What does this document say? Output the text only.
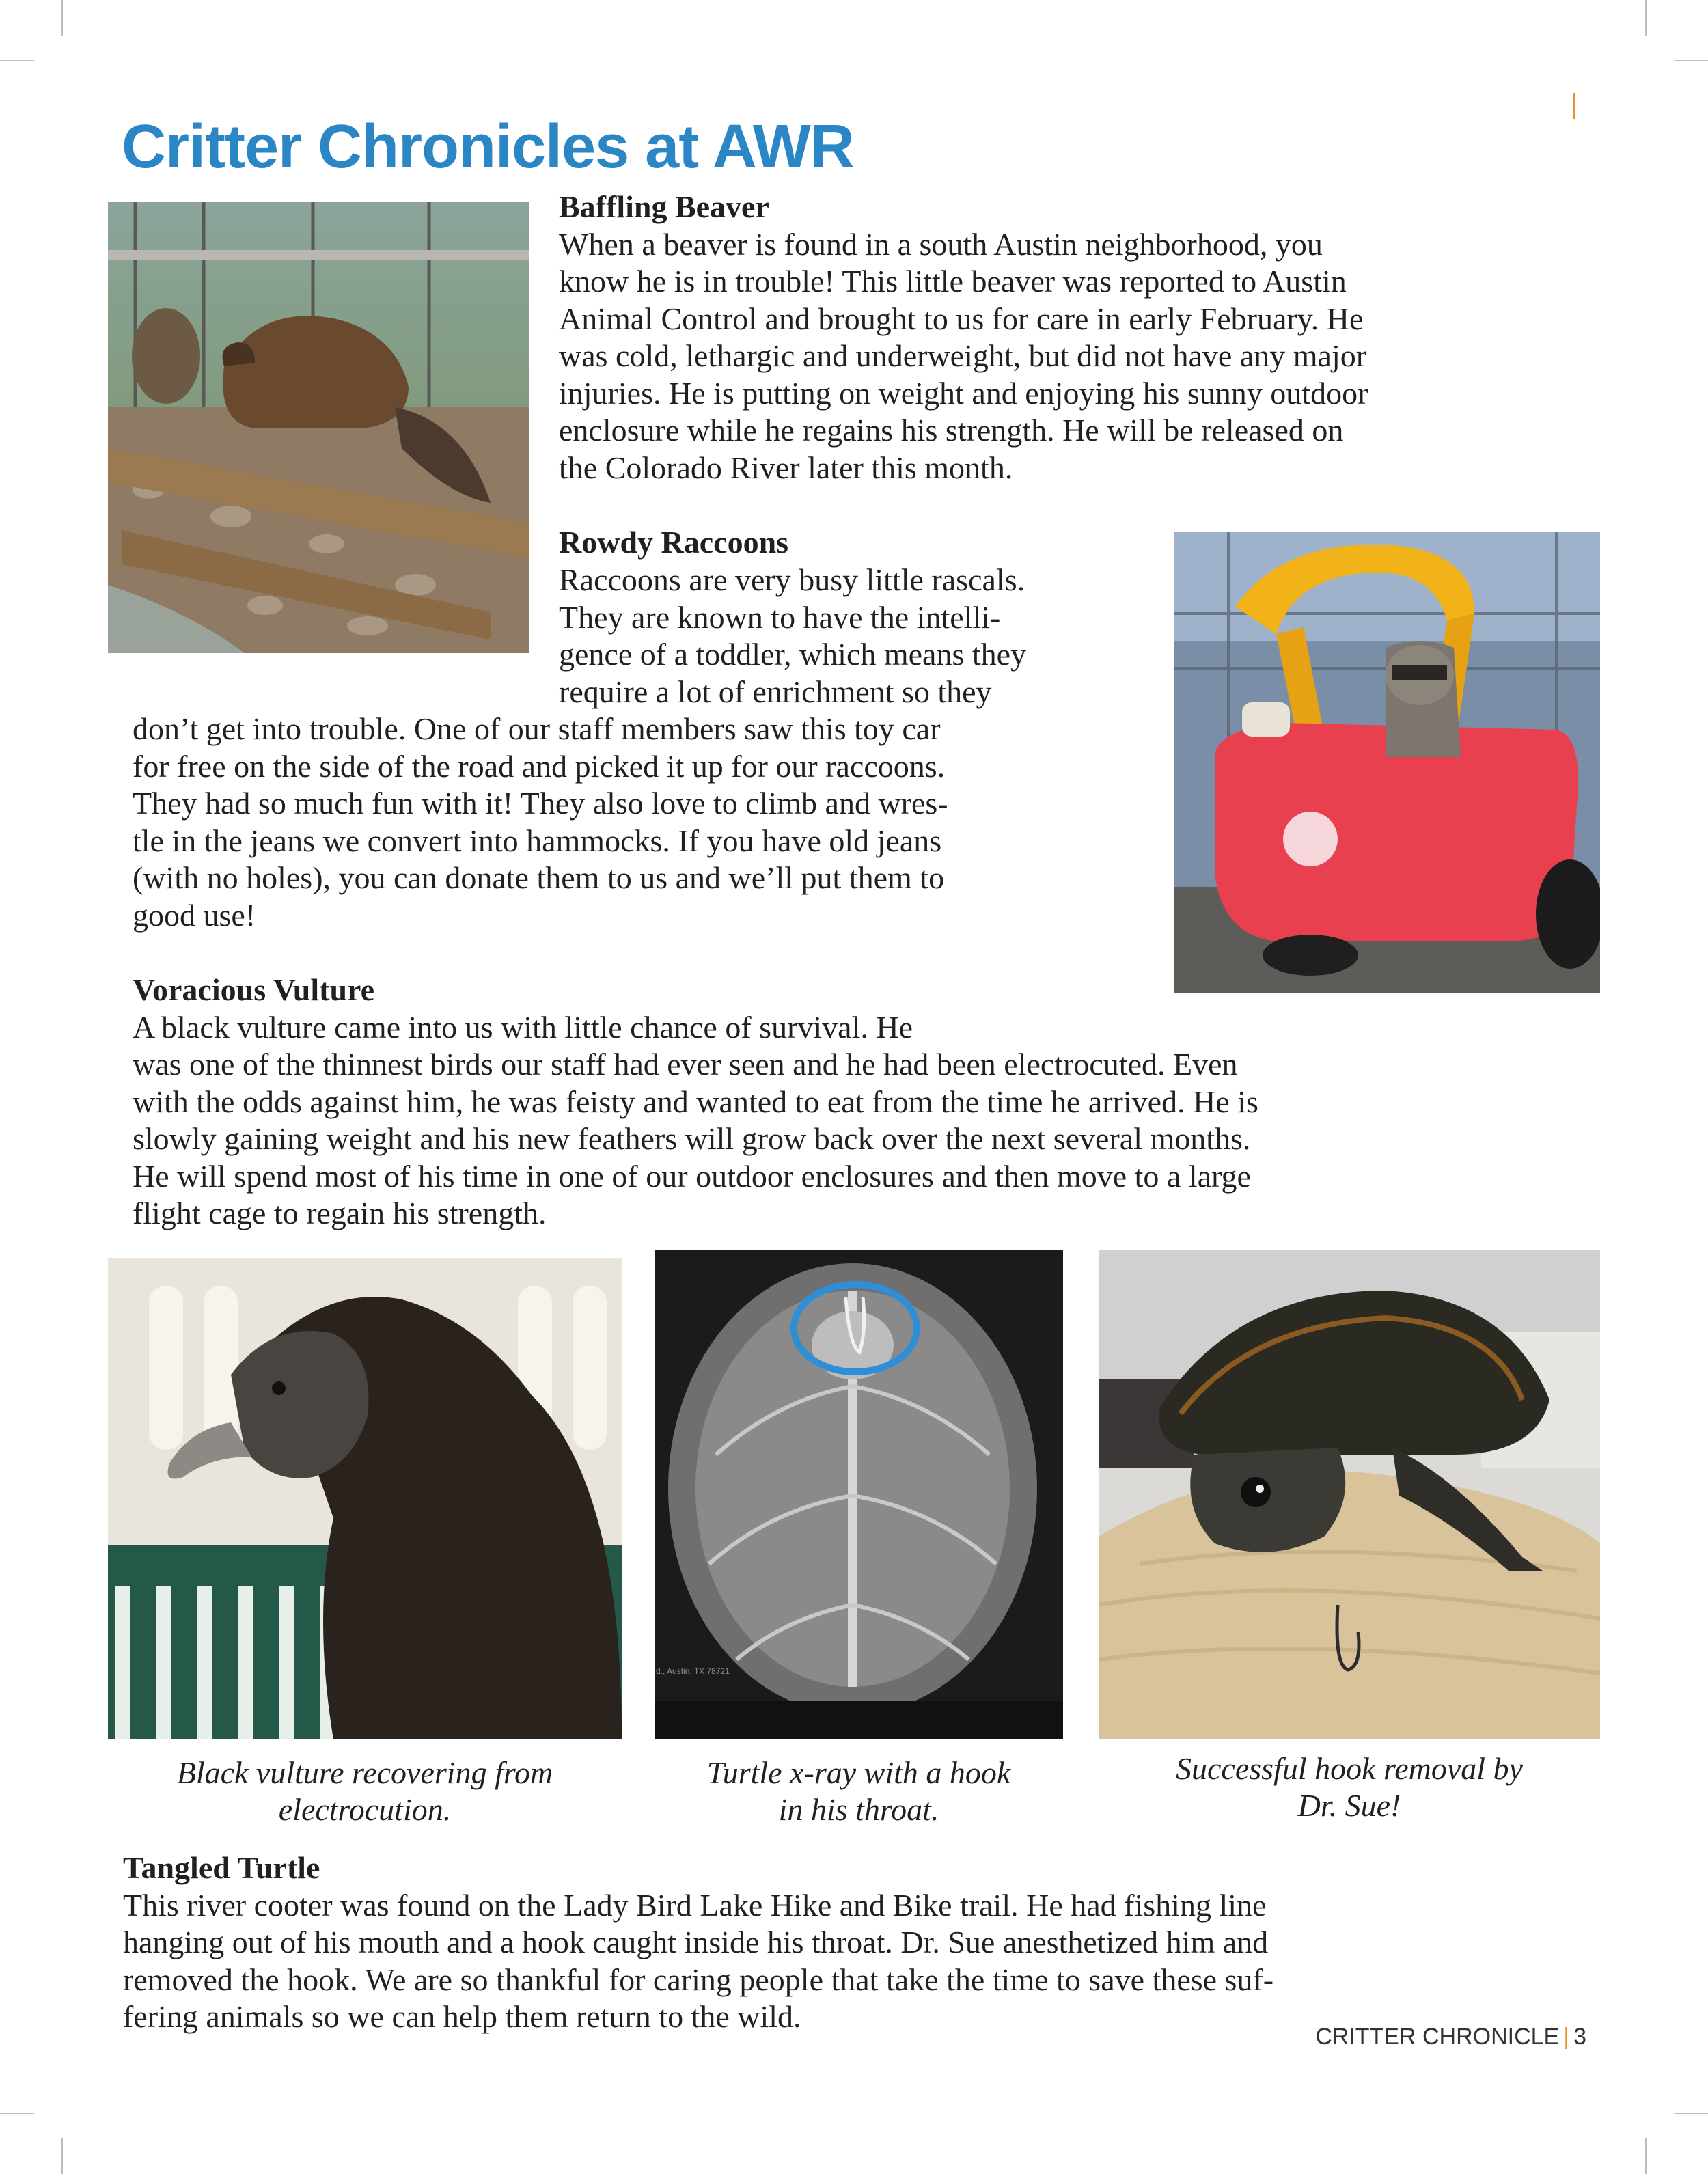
Critter Chronicles at AWR
Baffling Beaver
When a beaver is found in a south Austin neighborhood, you
know he is in trouble! This little beaver was reported to Austin
Animal Control and brought to us for care in early February. He
was cold, lethargic and underweight, but did not have any major
injuries. He is putting on weight and enjoying his sunny outdoor
enclosure while he regains his strength. He will be released on
the Colorado River later this month.
Rowdy Raccoons
Raccoons are very busy little rascals.
They are known to have the intelli-
gence of a toddler, which means they
require a lot of enrichment so they
don’t get into trouble. One of our staff members saw this toy car
for free on the side of the road and picked it up for our raccoons.
They had so much fun with it! They also love to climb and wres-
tle in the jeans we convert into hammocks. If you have old jeans
(with no holes), you can donate them to us and we’ll put them to
good use!
Voracious Vulture
A black vulture came into us with little chance of survival. He
was one of the thinnest birds our staff had ever seen and he had been electrocuted. Even
with the odds against him, he was feisty and wanted to eat from the time he arrived. He is
slowly gaining weight and his new feathers will grow back over the next several months.
He will spend most of his time in one of our outdoor enclosures and then move to a large
flight cage to regain his strength.
d., Austin, TX 78721
Black vulture recovering from
electrocution.
Turtle x-ray with a hook
in his throat.
Successful hook removal by
Dr. Sue!
Tangled Turtle
This river cooter was found on the Lady Bird Lake Hike and Bike trail. He had fishing line
hanging out of his mouth and a hook caught inside his throat. Dr. Sue anesthetized him and
removed the hook. We are so thankful for caring people that take the time to save these suf-
fering animals so we can help them return to the wild.
CRITTER CHRONICLE | 3
